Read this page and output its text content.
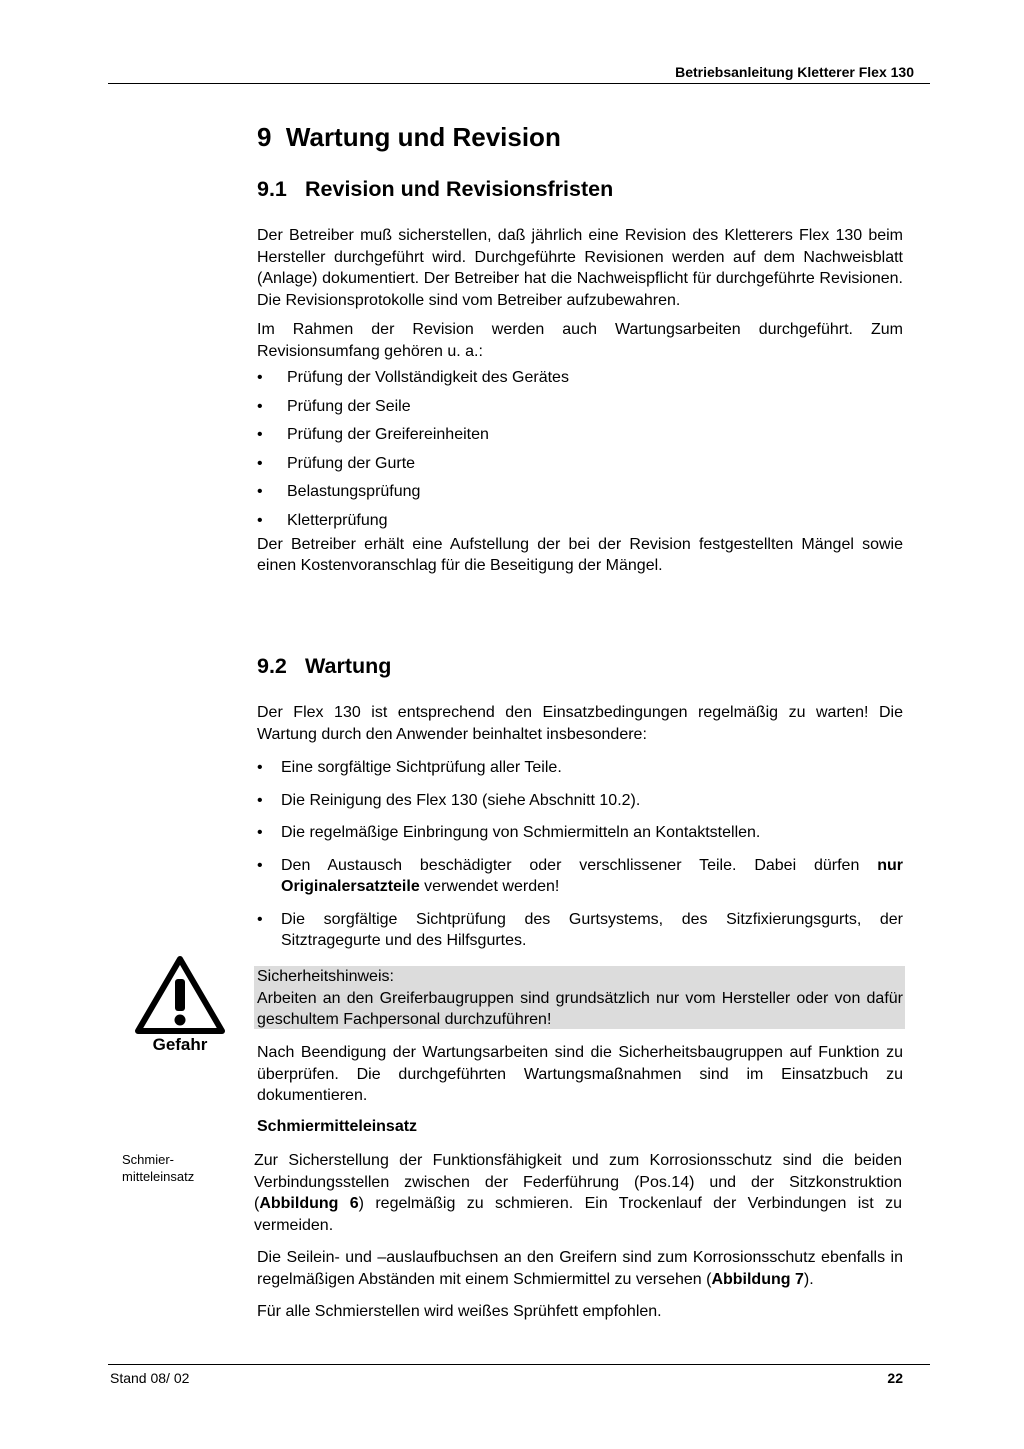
Betriebsanleitung Kletterer Flex 130
9  Wartung und Revision
9.1 Revision und Revisionsfristen

Der Betreiber muß sicherstellen, daß jährlich eine Revision des Kletterers Flex 130 beim Hersteller durchgeführt wird. Durchgeführte Revisionen werden auf dem Nachweisblatt (Anlage) dokumentiert. Der Betreiber hat die Nachweispflicht für durchgeführte Revisionen. Die Revisionsprotokolle sind vom Betreiber aufzubewahren.

Im Rahmen der Revision werden auch Wartungsarbeiten durchgeführt. Zum Revisionsumfang gehören u. a.:

• Prüfung der Vollständigkeit des Gerätes
• Prüfung der Seile
• Prüfung der Greifereinheiten
• Prüfung der Gurte
• Belastungsprüfung
• Kletterprüfung

Der Betreiber erhält eine Aufstellung der bei der Revision festgestellten Mängel sowie einen Kostenvoranschlag für die Beseitigung der Mängel.

9.2 Wartung

Der Flex 130 ist entsprechend den Einsatzbedingungen regelmäßig zu warten! Die Wartung durch den Anwender beinhaltet insbesondere:

• Eine sorgfältige Sichtprüfung aller Teile.
• Die Reinigung des Flex 130 (siehe Abschnitt 10.2).
• Die regelmäßige Einbringung von Schmiermitteln an Kontaktstellen.
• Den Austausch beschädigter oder verschlissener Teile. Dabei dürfen nur Originalersatzteile verwendet werden!
• Die sorgfältige Sichtprüfung des Gurtsystems, des Sitzfixierungsgurts, der Sitztragegurte und des Hilfsgurtes.
Gefahr
Sicherheitshinweis:

Arbeiten an den Greiferbaugruppen sind grundsätzlich nur vom Hersteller oder von dafür geschultem Fachpersonal durchzuführen!

Nach Beendigung der Wartungsarbeiten sind die Sicherheitsbaugruppen auf Funktion zu überprüfen. Die durchgeführten Wartungsmaßnahmen sind im Einsatzbuch zu dokumentieren.

Schmiermitteleinsatz
Schmier-
mitteleinsatz

Zur Sicherstellung der Funktionsfähigkeit und zum Korrosionsschutz sind die beiden Verbindungsstellen zwischen der Federführung (Pos.14) und der Sitzkonstruktion (Abbildung 6) regelmäßig zu schmieren. Ein Trockenlauf der Verbindungen ist zu vermeiden.

Die Seilein- und –auslaufbuchsen an den Greifern sind zum Korrosionsschutz ebenfalls in regelmäßigen Abständen mit einem Schmiermittel zu versehen (Abbildung 7).

Für alle Schmierstellen wird weißes Sprühfett empfohlen.

Stand 08/ 02	22
